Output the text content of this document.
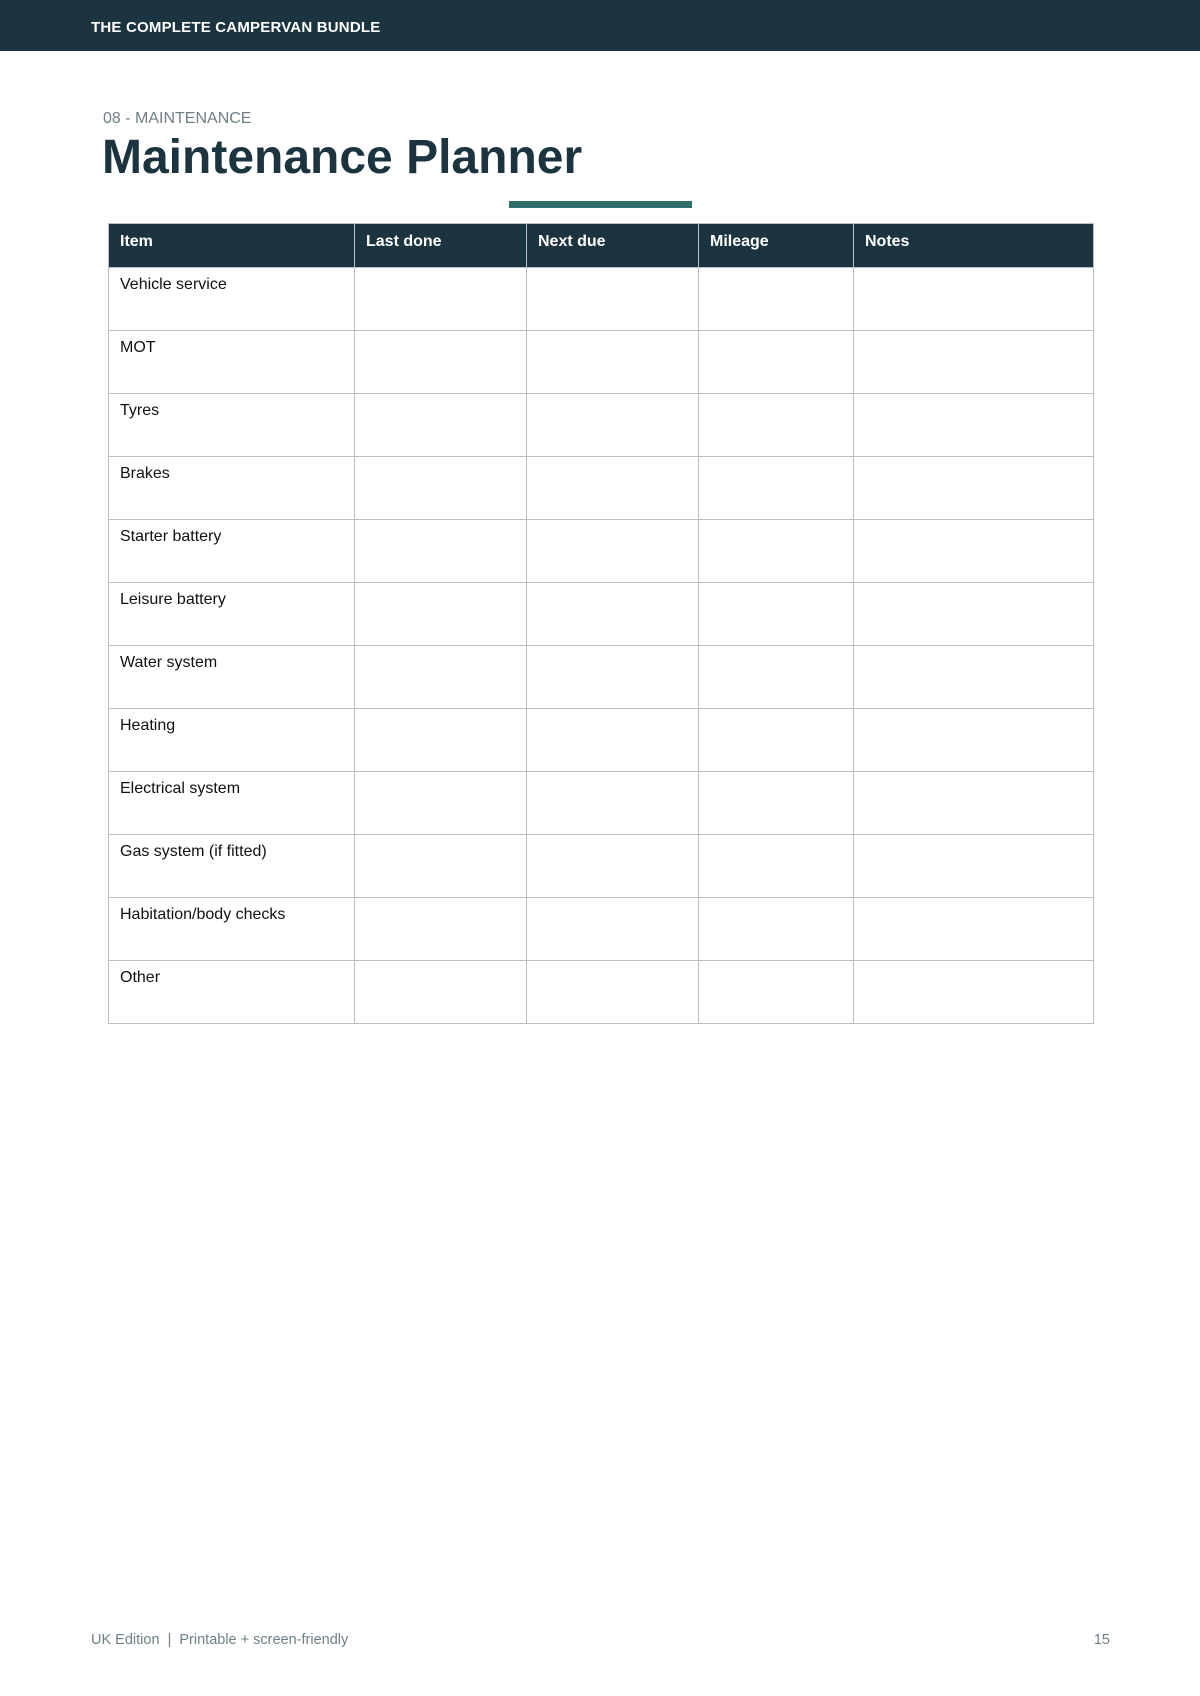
THE COMPLETE CAMPERVAN BUNDLE
08 - MAINTENANCE
Maintenance Planner
Item	Last done	Next due	Mileage	Notes
Vehicle service				
MOT				
Tyres				
Brakes				
Starter battery				
Leisure battery				
Water system				
Heating				
Electrical system				
Gas system (if fitted)				
Habitation/body checks				
Other				
UK Edition  |  Printable + screen-friendly	15
